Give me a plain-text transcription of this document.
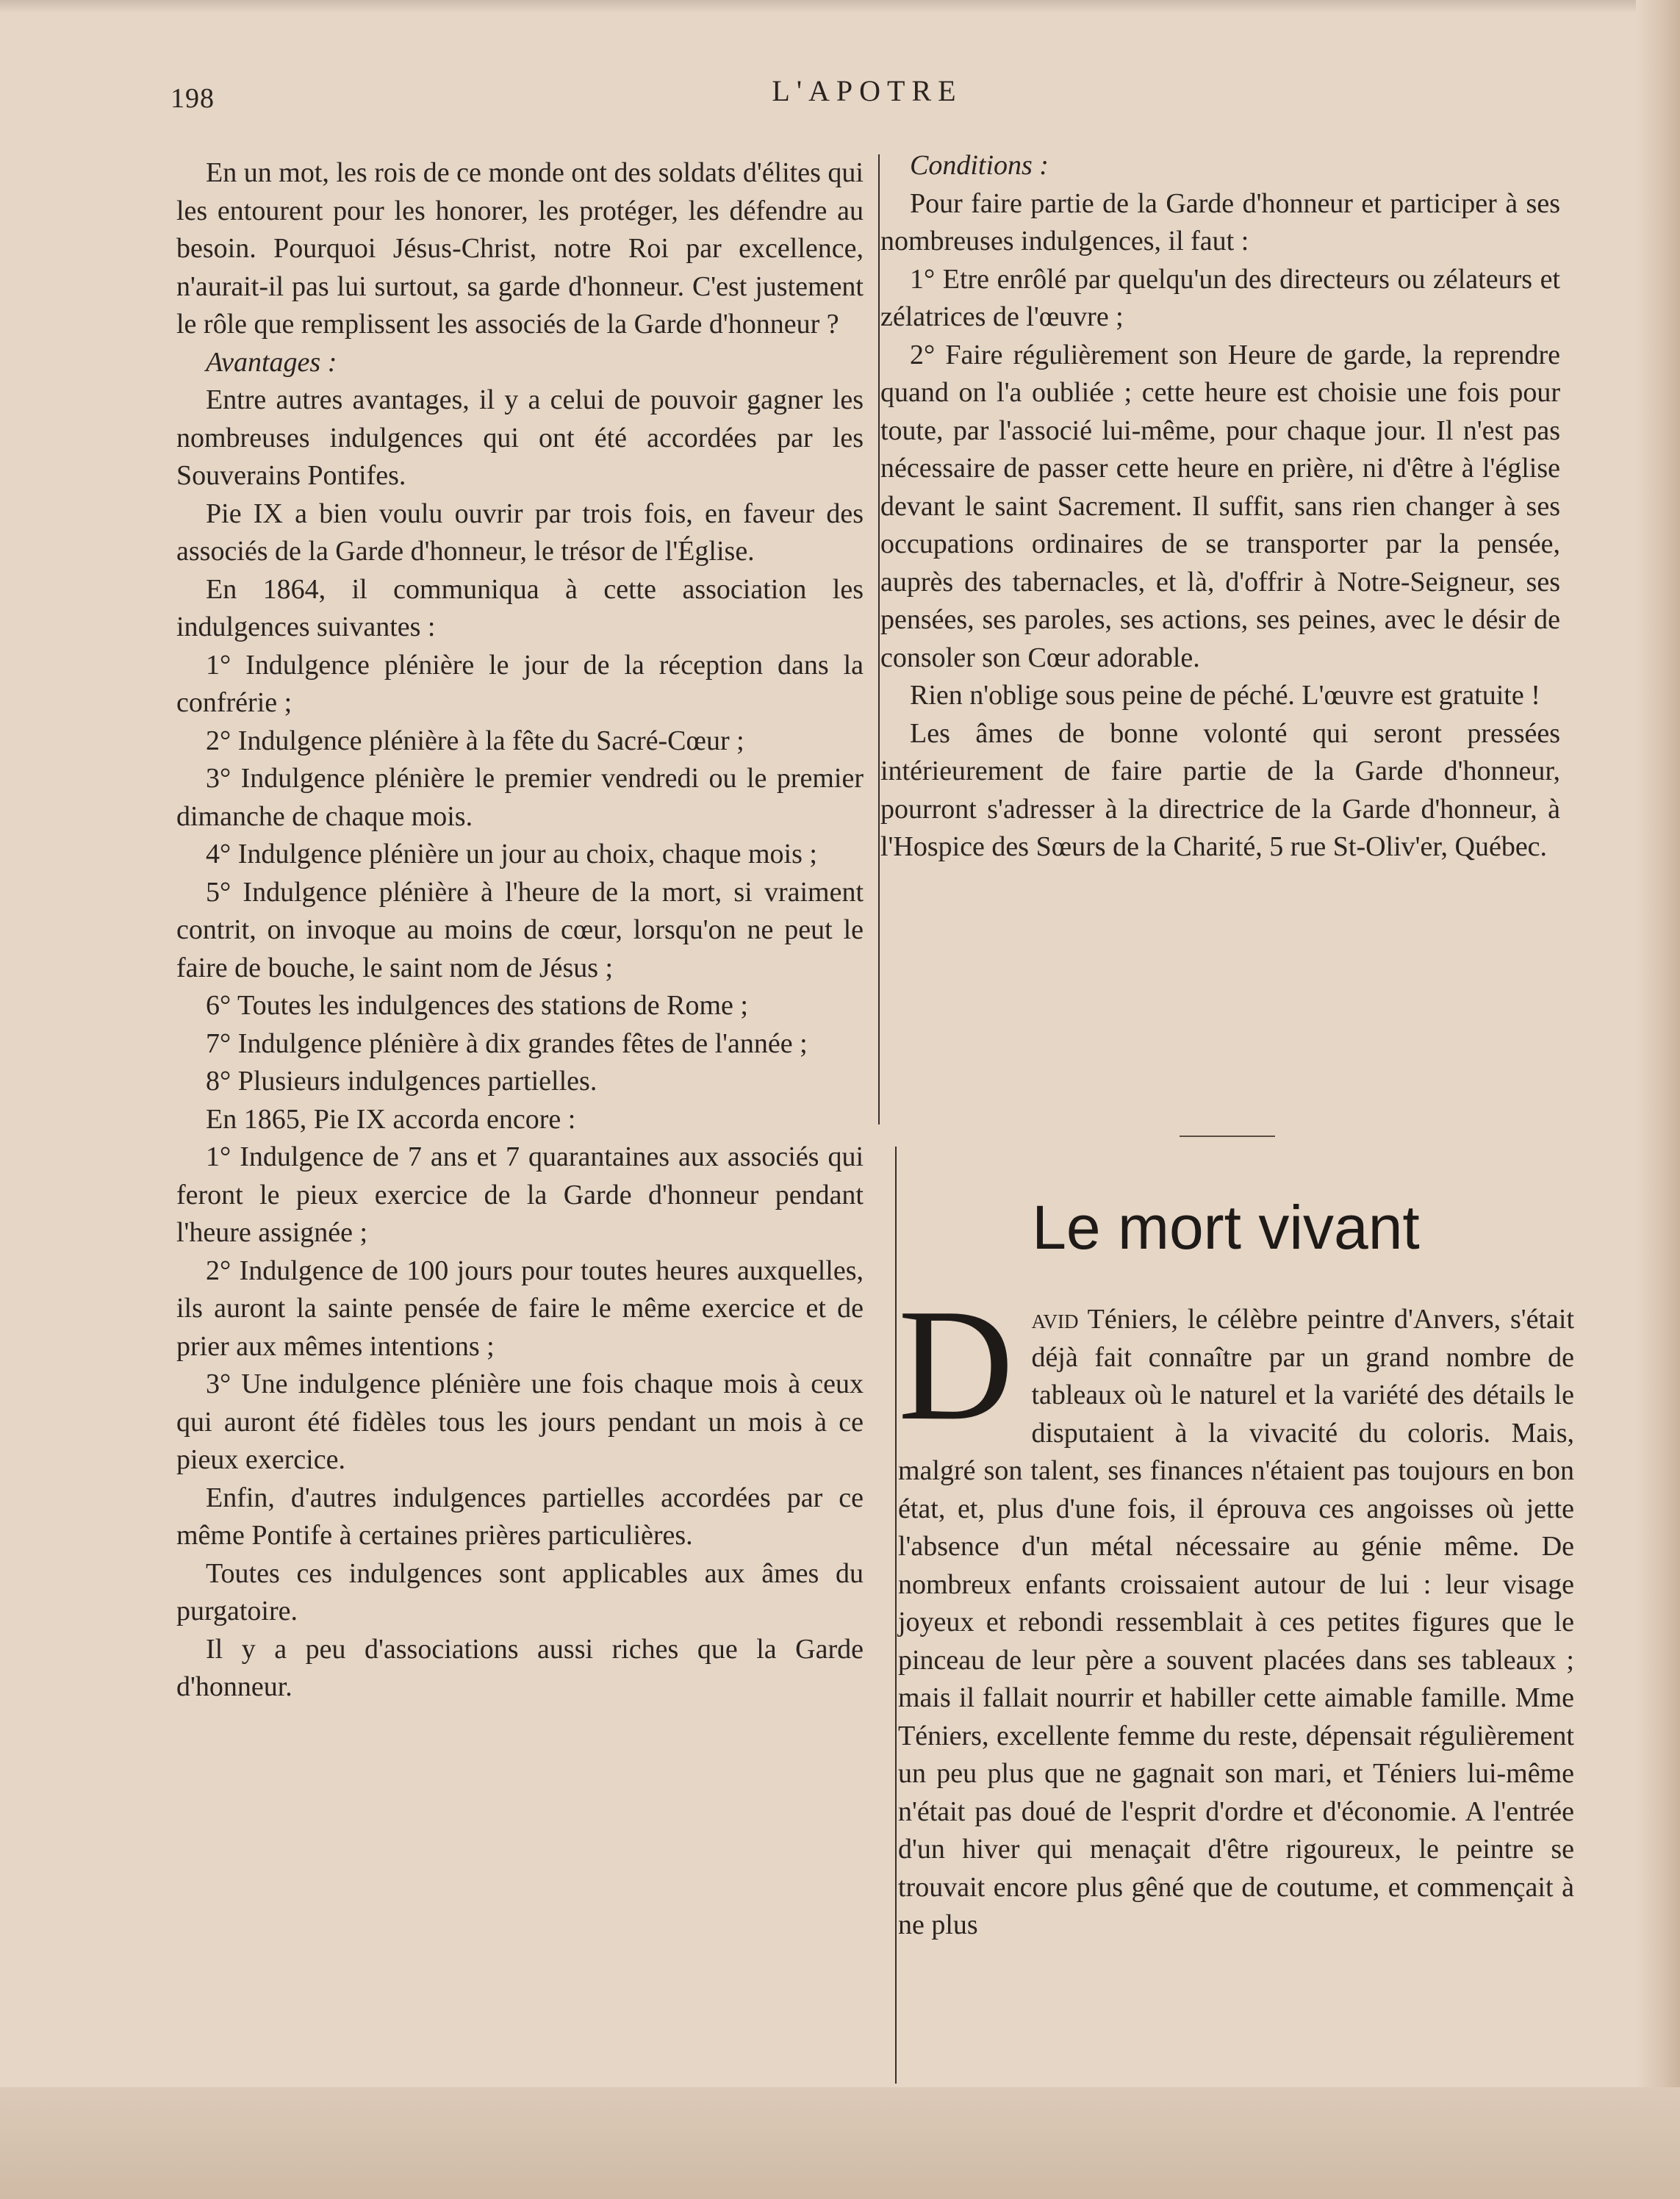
198	L'APOTRE

En un mot, les rois de ce monde ont des soldats d'élites qui les entourent pour les honorer, les protéger, les défendre au besoin. Pourquoi Jésus-Christ, notre Roi par excellence, n'aurait-il pas lui surtout, sa garde d'honneur. C'est justement le rôle que remplissent les associés de la Garde d'honneur ?

Avantages :

Entre autres avantages, il y a celui de pouvoir gagner les nombreuses indulgences qui ont été accordées par les Souverains Pontifes.

Pie IX a bien voulu ouvrir par trois fois, en faveur des associés de la Garde d'honneur, le trésor de l'Église.

En 1864, il communiqua à cette association les indulgences suivantes :

1° Indulgence plénière le jour de la réception dans la confrérie ;

2° Indulgence plénière à la fête du Sacré-Cœur ;

3° Indulgence plénière le premier vendredi ou le premier dimanche de chaque mois.

4° Indulgence plénière un jour au choix, chaque mois ;

5° Indulgence plénière à l'heure de la mort, si vraiment contrit, on invoque au moins de cœur, lorsqu'on ne peut le faire de bouche, le saint nom de Jésus ;

6° Toutes les indulgences des stations de Rome ;

7° Indulgence plénière à dix grandes fêtes de l'année ;

8° Plusieurs indulgences partielles.

En 1865, Pie IX accorda encore :

1° Indulgence de 7 ans et 7 quarantaines aux associés qui feront le pieux exercice de la Garde d'honneur pendant l'heure assignée ;

2° Indulgence de 100 jours pour toutes heures auxquelles, ils auront la sainte pensée de faire le même exercice et de prier aux mêmes intentions ;

3° Une indulgence plénière une fois chaque mois à ceux qui auront été fidèles tous les jours pendant un mois à ce pieux exercice.

Enfin, d'autres indulgences partielles accordées par ce même Pontife à certaines prières particulières.

Toutes ces indulgences sont applicables aux âmes du purgatoire.

Il y a peu d'associations aussi riches que la Garde d'honneur.

Conditions :

Pour faire partie de la Garde d'honneur et participer à ses nombreuses indulgences, il faut :

1° Etre enrôlé par quelqu'un des directeurs ou zélateurs et zélatrices de l'œuvre ;

2° Faire régulièrement son Heure de garde, la reprendre quand on l'a oubliée ; cette heure est choisie une fois pour toute, par l'associé lui-même, pour chaque jour. Il n'est pas nécessaire de passer cette heure en prière, ni d'être à l'église devant le saint Sacrement. Il suffit, sans rien changer à ses occupations ordinaires de se transporter par la pensée, auprès des tabernacles, et là, d'offrir à Notre-Seigneur, ses pensées, ses paroles, ses actions, ses peines, avec le désir de consoler son Cœur adorable.

Rien n'oblige sous peine de péché. L'œuvre est gratuite !

Les âmes de bonne volonté qui seront pressées intérieurement de faire partie de la Garde d'honneur, pourront s'adresser à la directrice de la Garde d'honneur, à l'Hospice des Sœurs de la Charité, 5 rue St-Oliv'er, Québec.

Le mort vivant

David Téniers, le célèbre peintre d'Anvers, s'était déjà fait connaître par un grand nombre de tableaux où le naturel et la variété des détails le disputaient à la vivacité du coloris. Mais, malgré son talent, ses finances n'étaient pas toujours en bon état, et, plus d'une fois, il éprouva ces angoisses où jette l'absence d'un métal nécessaire au génie même. De nombreux enfants croissaient autour de lui : leur visage joyeux et rebondi ressemblait à ces petites figures que le pinceau de leur père a souvent placées dans ses tableaux ; mais il fallait nourrir et habiller cette aimable famille. Mme Téniers, excellente femme du reste, dépensait régulièrement un peu plus que ne gagnait son mari, et Téniers lui-même n'était pas doué de l'esprit d'ordre et d'économie. A l'entrée d'un hiver qui menaçait d'être rigoureux, le peintre se trouvait encore plus gêné que de coutume, et commençait à ne plus
